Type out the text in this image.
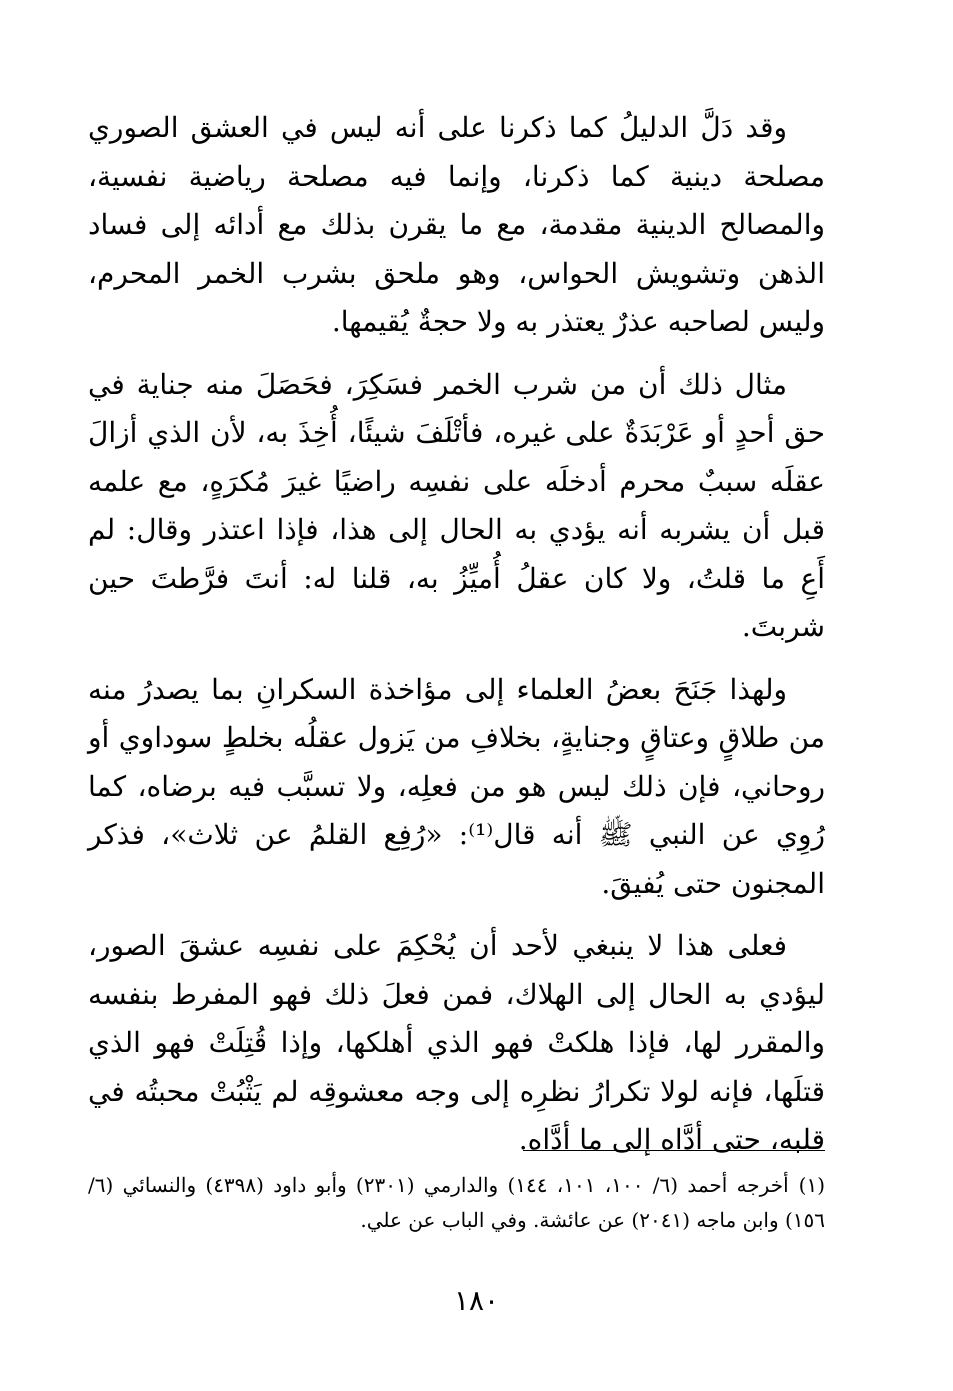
وقد دَلَّ الدليلُ كما ذكرنا على أنه ليس في العشق الصوري مصلحة دينية كما ذكرنا، وإنما فيه مصلحة رياضية نفسية، والمصالح الدينية مقدمة، مع ما يقرن بذلك مع أدائه إلى فساد الذهن وتشويش الحواس، وهو ملحق بشرب الخمر المحرم، وليس لصاحبه عذرٌ يعتذر به ولا حجةٌ يُقيمها.

مثال ذلك أن من شرب الخمر فسَكِرَ، فحَصَلَ منه جناية في حق أحدٍ أو عَرْبَدَةٌ على غيره، فأتْلَفَ شيئًا، أُخِذَ به، لأن الذي أزالَ عقلَه سببٌ محرم أدخلَه على نفسِه راضيًا غيرَ مُكرَهٍ، مع علمه قبل أن يشربه أنه يؤدي به الحال إلى هذا، فإذا اعتذر وقال: لم أَعِ ما قلتُ، ولا كان عقلُ أُميِّزُ به، قلنا له: أنتَ فرَّطتَ حين شربتَ.

ولهذا جَنَحَ بعضُ العلماء إلى مؤاخذة السكرانِ بما يصدرُ منه من طلاقٍ وعتاقٍ وجنايةٍ، بخلافِ من يَزول عقلُه بخلطٍ سوداوي أو روحاني، فإن ذلك ليس هو من فعلِه، ولا تسبَّب فيه برضاه، كما رُوِي عن النبي ﷺ أنه قال⁽¹⁾: «رُفِع القلمُ عن ثلاث»، فذكر المجنون حتى يُفيقَ.

فعلى هذا لا ينبغي لأحد أن يُحْكِمَ على نفسِه عشقَ الصور، ليؤدي به الحال إلى الهلاك، فمن فعلَ ذلك فهو المفرط بنفسه والمقرر لها، فإذا هلكتْ فهو الذي أهلكها، وإذا قُتِلَتْ فهو الذي قتلَها، فإنه لولا تكرارُ نظرِه إلى وجه معشوقِه لم يَثْبُتْ محبتُه في قلبه، حتى أدَّاه إلى ما أدَّاه.

(١)أخرجه أحمد (٦/ ١٠٠، ١٠١، ١٤٤) والدارمي (٢٣٠١) وأبو داود (٤٣٩٨) والنسائي (٦/ ١٥٦) وابن ماجه (٢٠٤١) عن عائشة. وفي الباب عن علي.
١٨٠
